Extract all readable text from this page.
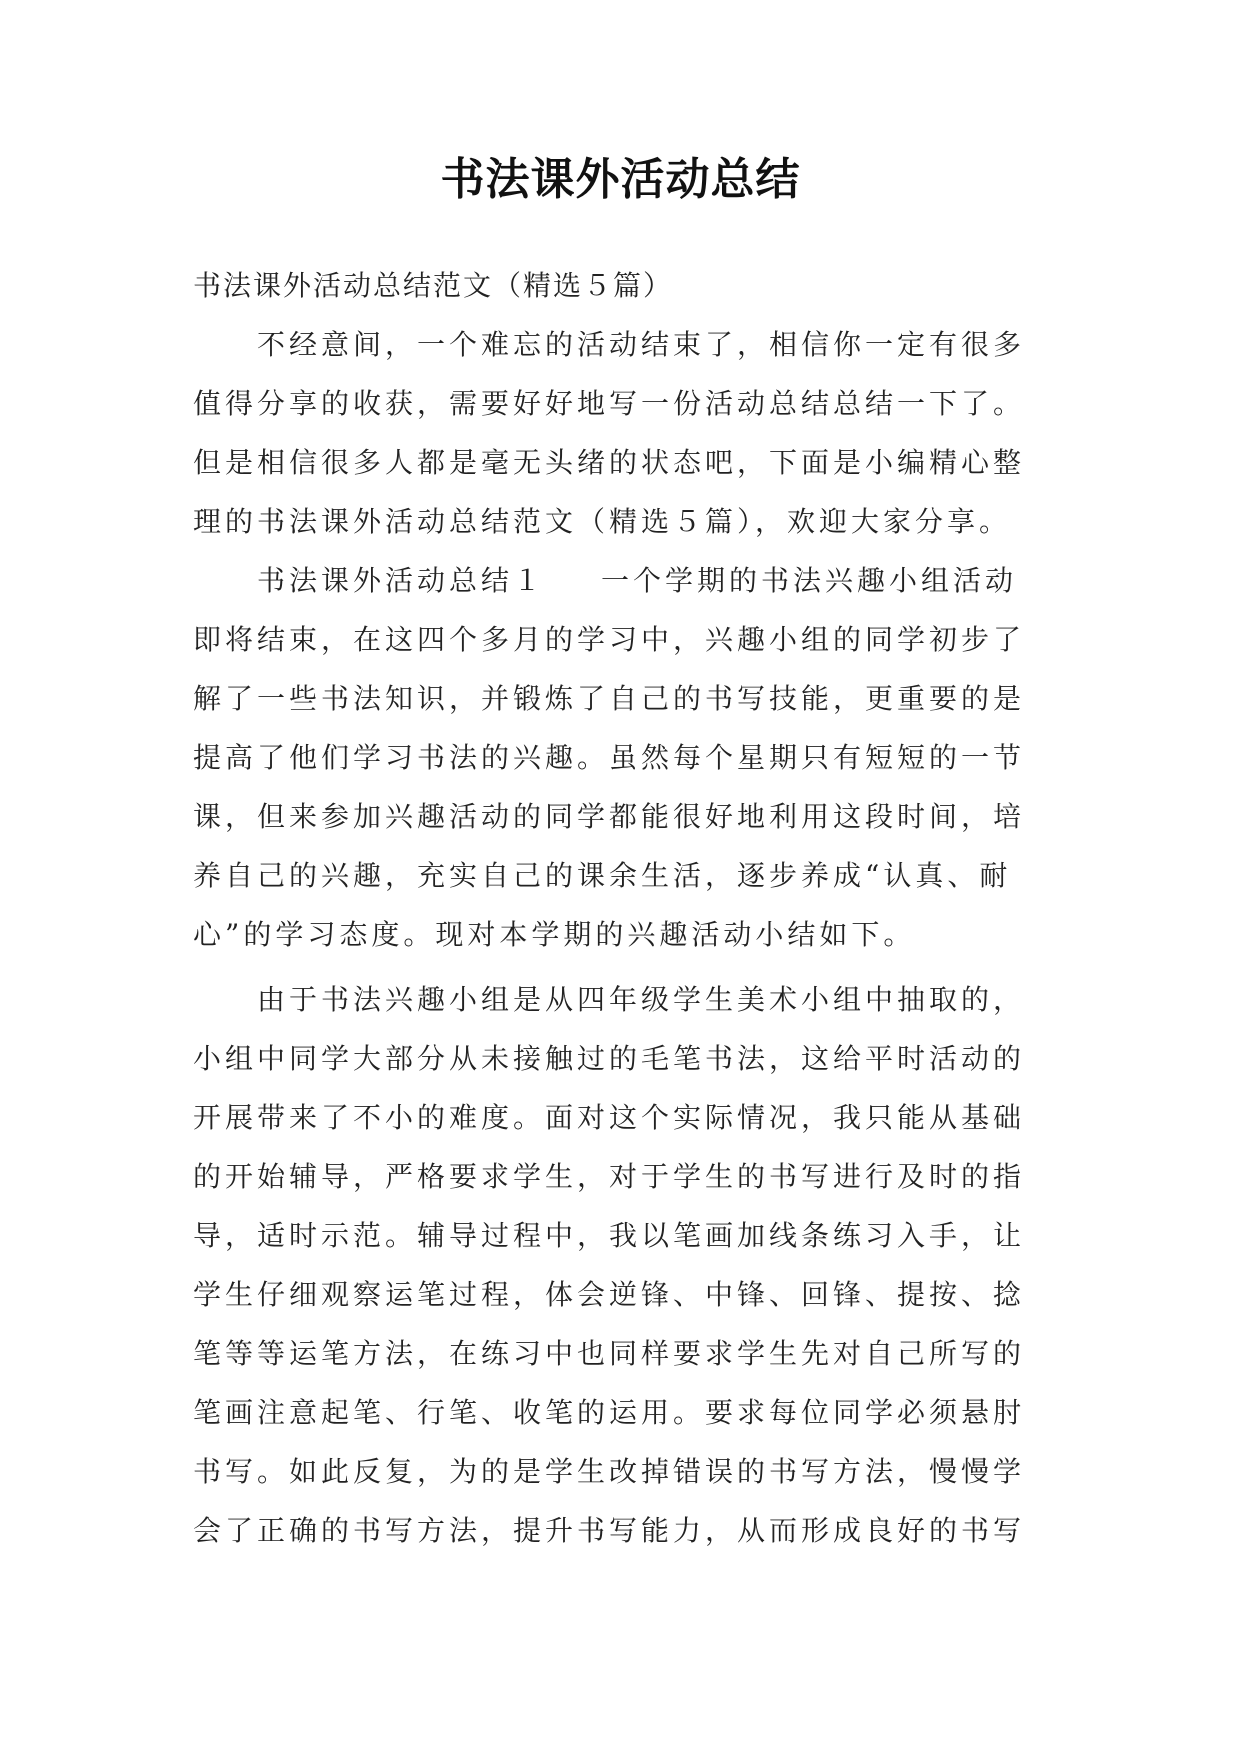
书法课外活动总结
书法课外活动总结范文（精选５篇）
不经意间，一个难忘的活动结束了，相信你一定有很多
值得分享的收获，需要好好地写一份活动总结总结一下了。
但是相信很多人都是毫无头绪的状态吧，下面是小编精心整
理的书法课外活动总结范文（精选５篇），欢迎大家分享。
书法课外活动总结１ 一个学期的书法兴趣小组活动
即将结束，在这四个多月的学习中，兴趣小组的同学初步了
解了一些书法知识，并锻炼了自己的书写技能，更重要的是
提高了他们学习书法的兴趣。虽然每个星期只有短短的一节
课，但来参加兴趣活动的同学都能很好地利用这段时间，培
养自己的兴趣，充实自己的课余生活，逐步养成“认真、耐
心”的学习态度。现对本学期的兴趣活动小结如下。
由于书法兴趣小组是从四年级学生美术小组中抽取的，
小组中同学大部分从未接触过的毛笔书法，这给平时活动的
开展带来了不小的难度。面对这个实际情况，我只能从基础
的开始辅导，严格要求学生，对于学生的书写进行及时的指
导，适时示范。辅导过程中，我以笔画加线条练习入手，让
学生仔细观察运笔过程，体会逆锋、中锋、回锋、提按、捻
笔等等运笔方法，在练习中也同样要求学生先对自己所写的
笔画注意起笔、行笔、收笔的运用。要求每位同学必须悬肘
书写。如此反复，为的是学生改掉错误的书写方法，慢慢学
会了正确的书写方法，提升书写能力，从而形成良好的书写
